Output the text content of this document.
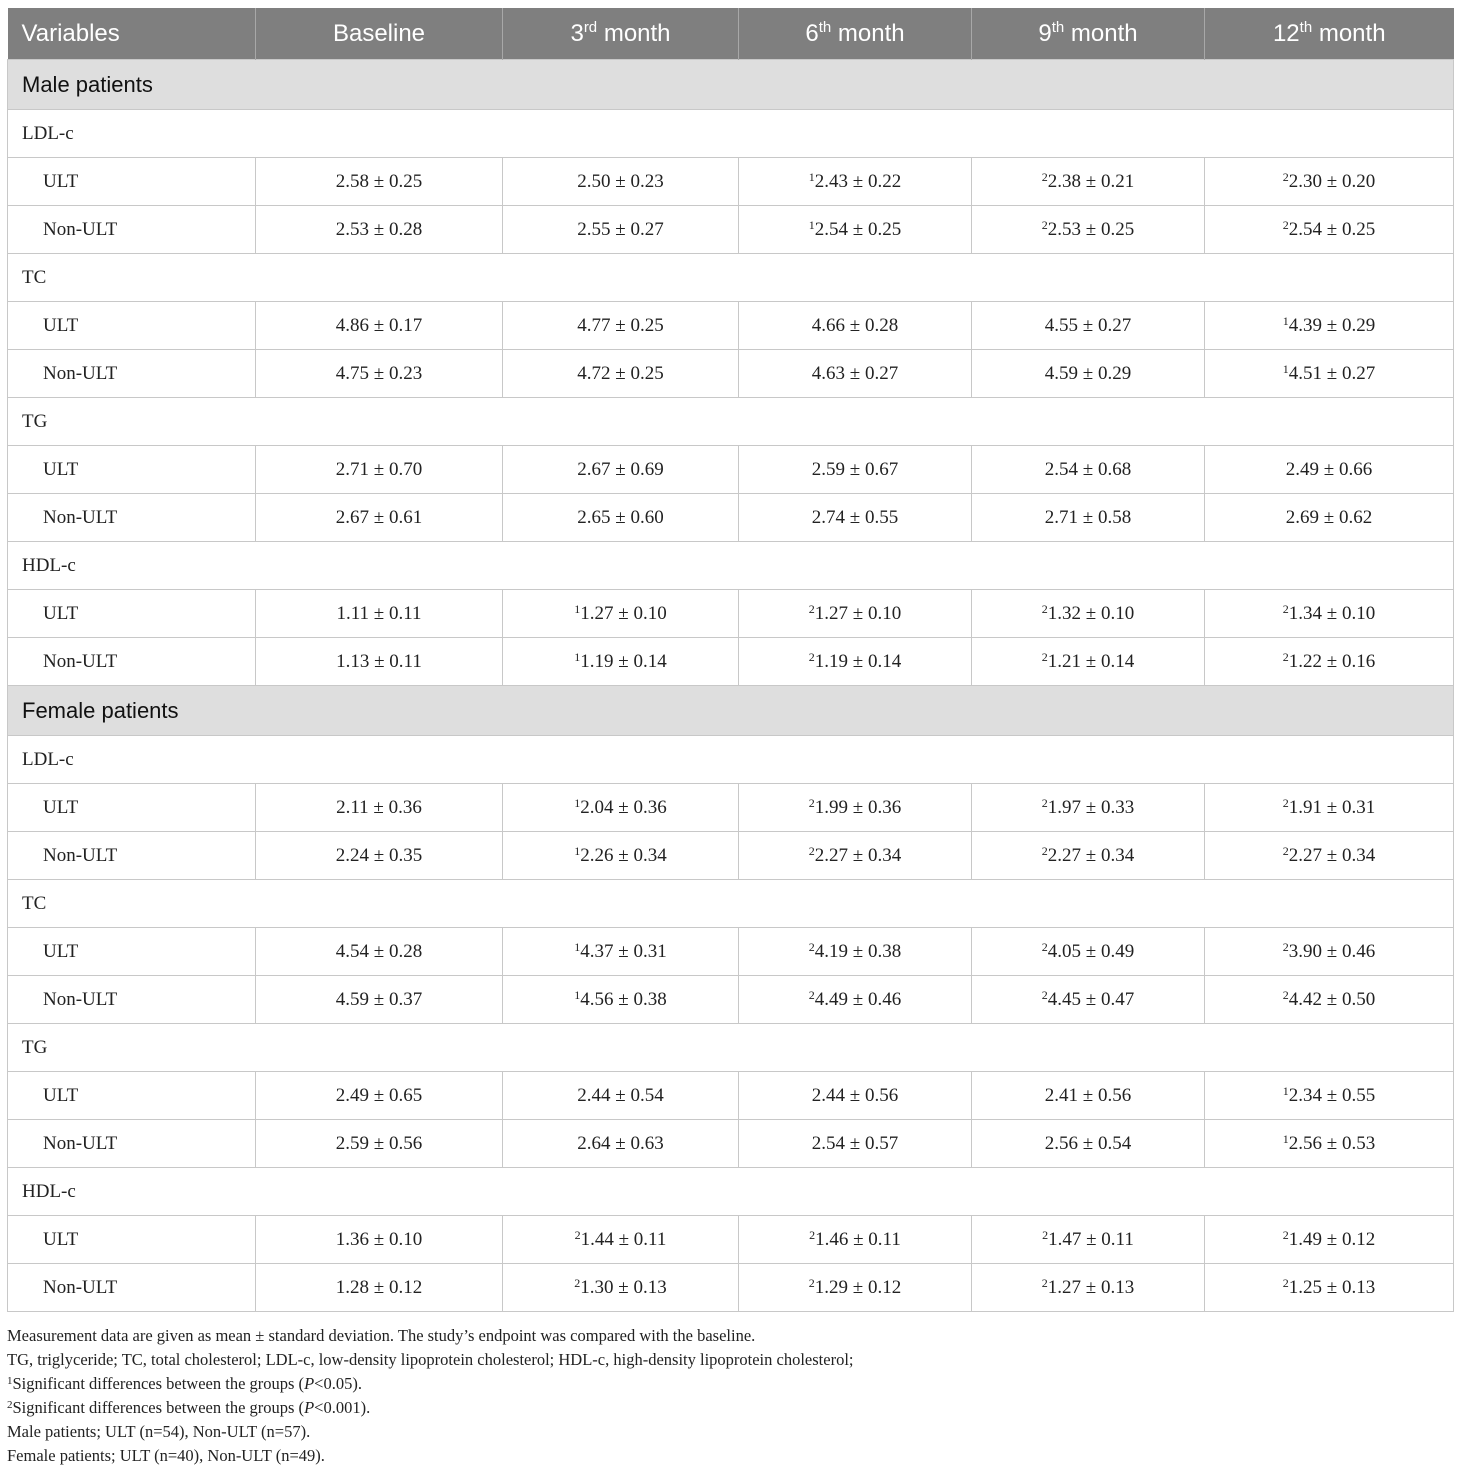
Variables	Baseline	3rd month	6th month	9th month	12th month
Male patients					
LDL-c					
ULT	2.58 ± 0.25	2.50 ± 0.23	$^1$2.43 ± 0.22	$^2$2.38 ± 0.21	$^2$2.30 ± 0.20
Non-ULT	2.53 ± 0.28	2.55 ± 0.27	$^1$2.54 ± 0.25	$^2$2.53 ± 0.25	$^2$2.54 ± 0.25
TC					
ULT	4.86 ± 0.17	4.77 ± 0.25	4.66 ± 0.28	4.55 ± 0.27	$^1$4.39 ± 0.29
Non-ULT	4.75 ± 0.23	4.72 ± 0.25	4.63 ± 0.27	4.59 ± 0.29	$^1$4.51 ± 0.27
TG					
ULT	2.71 ± 0.70	2.67 ± 0.69	2.59 ± 0.67	2.54 ± 0.68	2.49 ± 0.66
Non-ULT	2.67 ± 0.61	2.65 ± 0.60	2.74 ± 0.55	2.71 ± 0.58	2.69 ± 0.62
HDL-c					
ULT	1.11 ± 0.11	$^1$1.27 ± 0.10	$^2$1.27 ± 0.10	$^2$1.32 ± 0.10	$^2$1.34 ± 0.10
Non-ULT	1.13 ± 0.11	$^1$1.19 ± 0.14	$^2$1.19 ± 0.14	$^2$1.21 ± 0.14	$^2$1.22 ± 0.16
Female patients					
LDL-c					
ULT	2.11 ± 0.36	$^1$2.04 ± 0.36	$^2$1.99 ± 0.36	$^2$1.97 ± 0.33	$^2$1.91 ± 0.31
Non-ULT	2.24 ± 0.35	$^1$2.26 ± 0.34	$^2$2.27 ± 0.34	$^2$2.27 ± 0.34	$^2$2.27 ± 0.34
TC					
ULT	4.54 ± 0.28	$^1$4.37 ± 0.31	$^2$4.19 ± 0.38	$^2$4.05 ± 0.49	$^2$3.90 ± 0.46
Non-ULT	4.59 ± 0.37	$^1$4.56 ± 0.38	$^2$4.49 ± 0.46	$^2$4.45 ± 0.47	$^2$4.42 ± 0.50
TG					
ULT	2.49 ± 0.65	2.44 ± 0.54	2.44 ± 0.56	2.41 ± 0.56	$^1$2.34 ± 0.55
Non-ULT	2.59 ± 0.56	2.64 ± 0.63	2.54 ± 0.57	2.56 ± 0.54	$^1$2.56 ± 0.53
HDL-c					
ULT	1.36 ± 0.10	$^2$1.44 ± 0.11	$^2$1.46 ± 0.11	$^2$1.47 ± 0.11	$^2$1.49 ± 0.12
Non-ULT	1.28 ± 0.12	$^2$1.30 ± 0.13	$^2$1.29 ± 0.12	$^2$1.27 ± 0.13	$^2$1.25 ± 0.13
Measurement data are given as mean ± standard deviation. The study’s endpoint was compared with the baseline.
TG, triglyceride; TC, total cholesterol; LDL-c, low-density lipoprotein cholesterol; HDL-c, high-density lipoprotein cholesterol;
$^1$Significant differences between the groups (P<0.05).
$^2$Significant differences between the groups (P<0.001).
Male patients; ULT (n=54), Non-ULT (n=57).
Female patients; ULT (n=40), Non-ULT (n=49).
